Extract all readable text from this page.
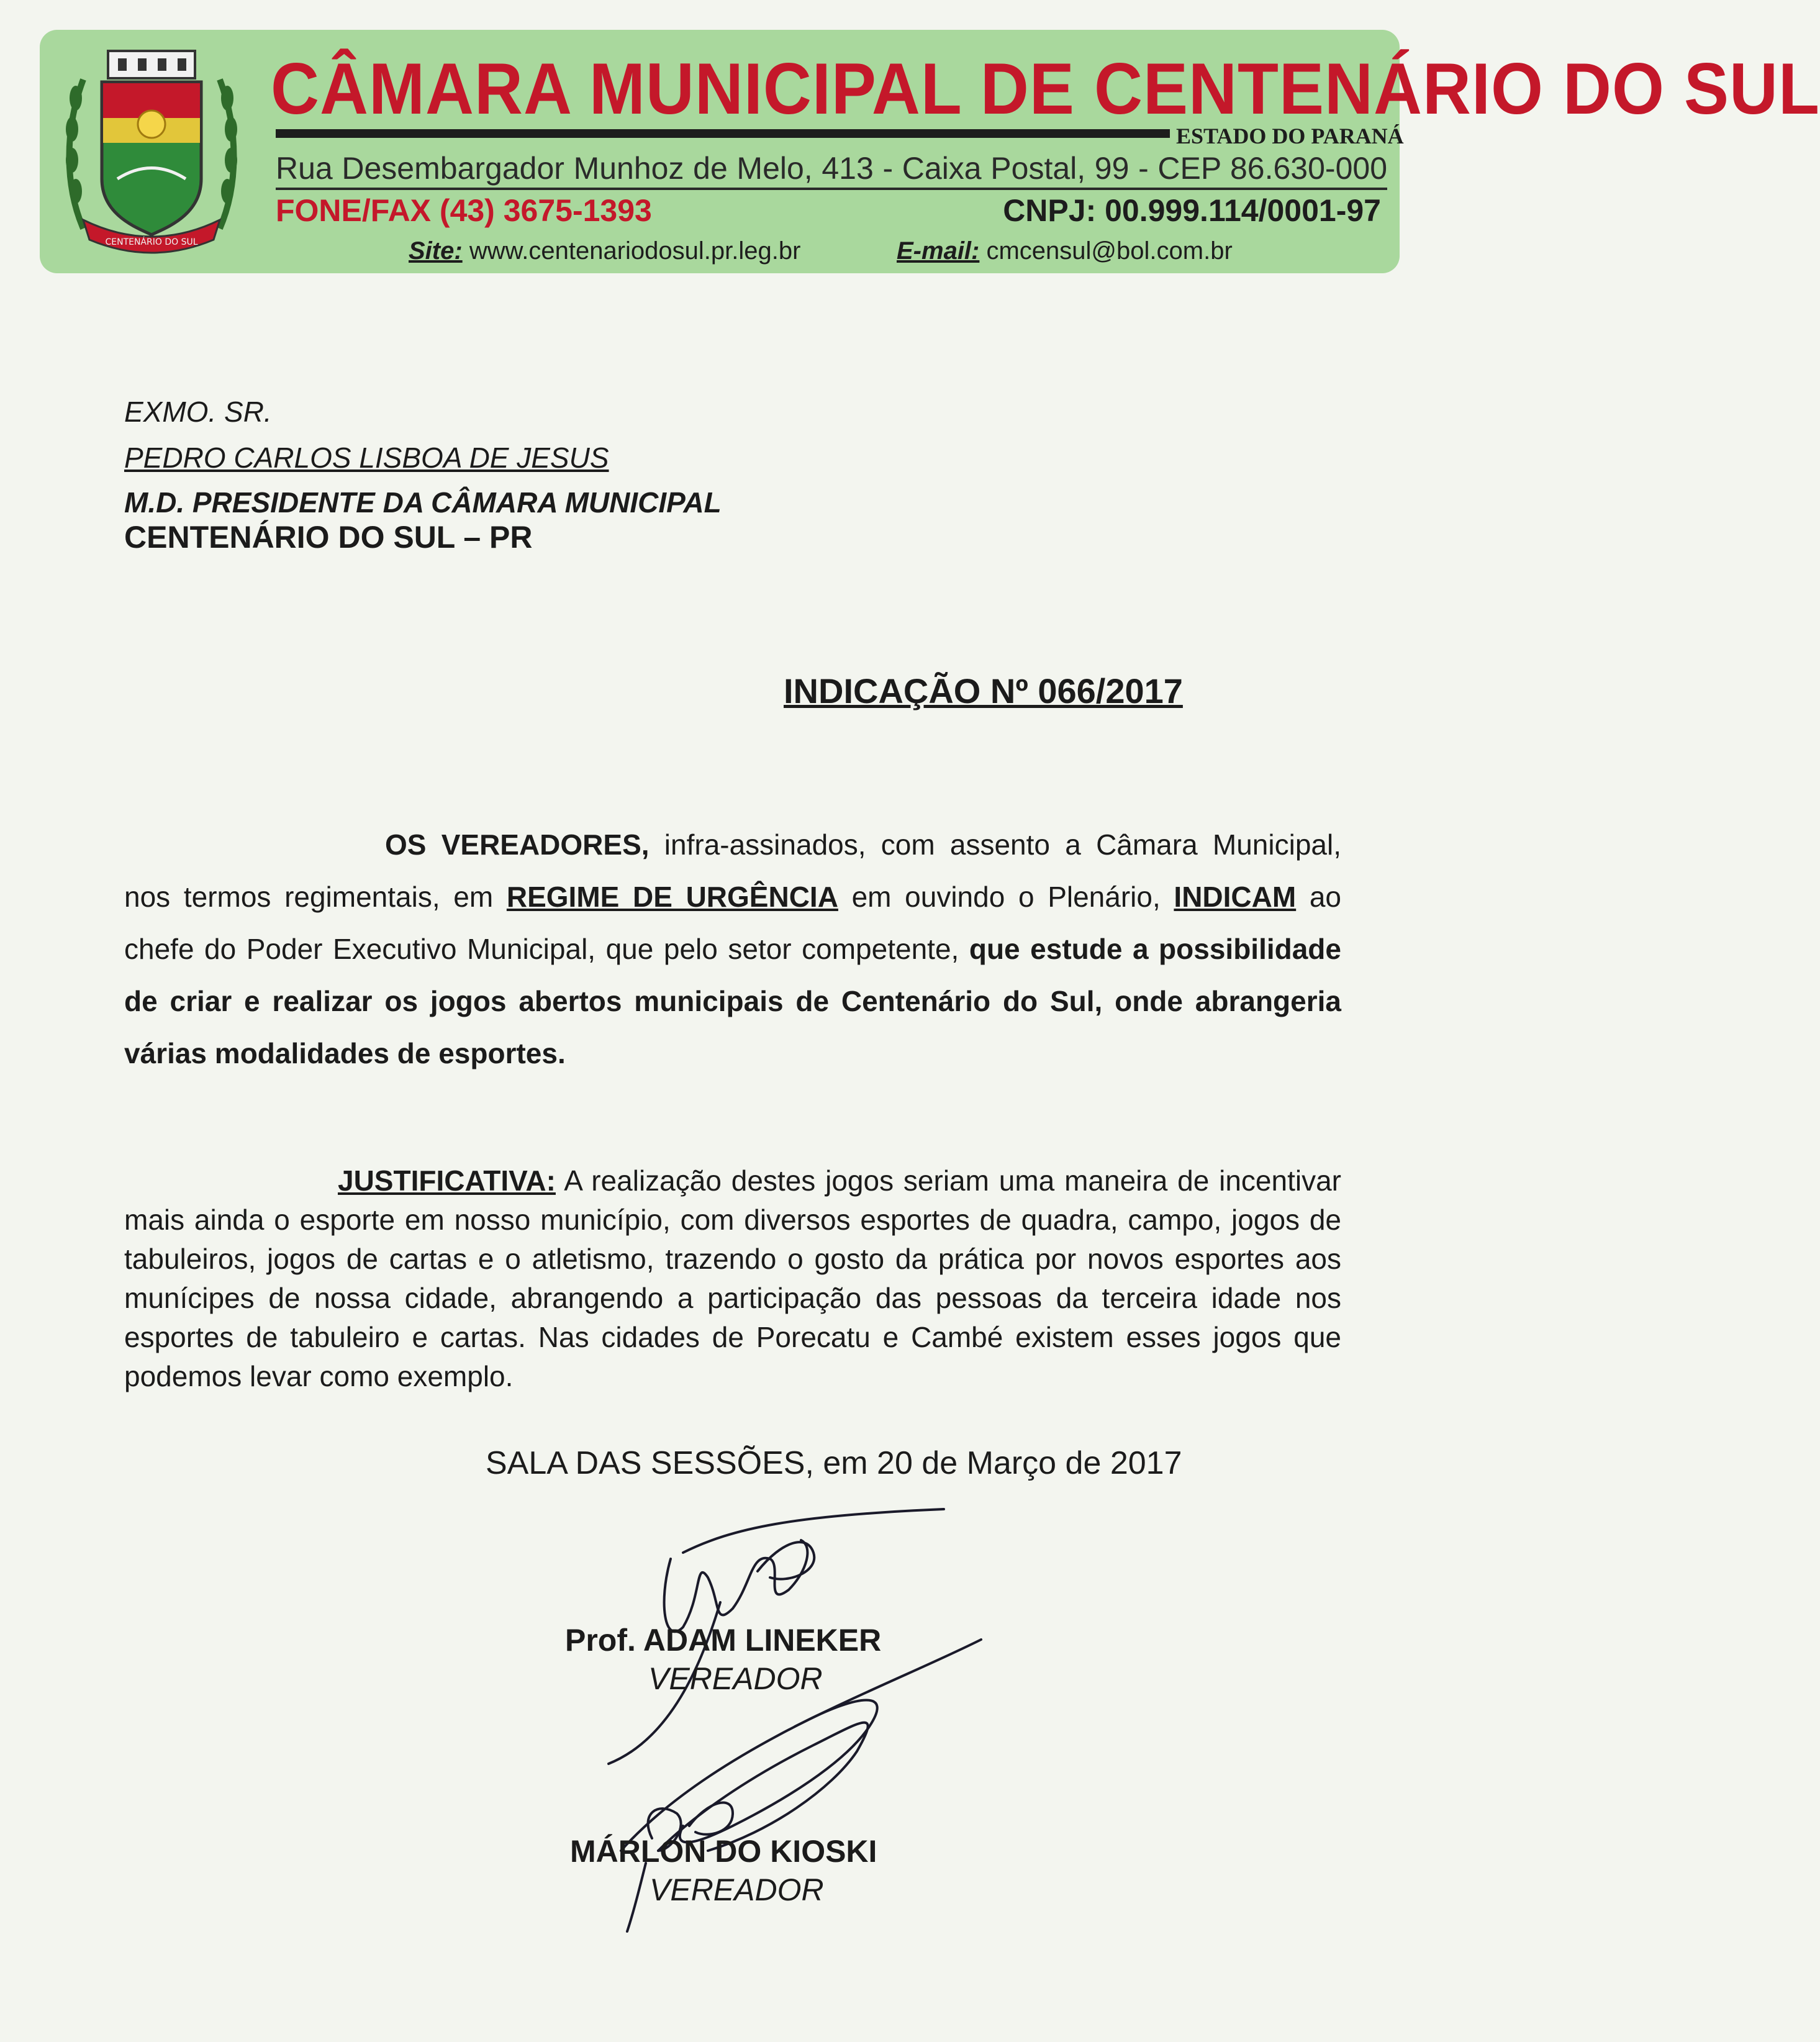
CENTENÁRIO DO SUL
CÂMARA MUNICIPAL DE CENTENÁRIO DO SUL
ESTADO DO PARANÁ
Rua Desembargador Munhoz de Melo, 413 - Caixa Postal, 99 - CEP 86.630-000
FONE/FAX (43) 3675-1393	CNPJ: 00.999.114/0001-97
Site: www.centenariodosul.pr.leg.br	E-mail: cmcensul@bol.com.br
EXMO. SR.
PEDRO CARLOS LISBOA DE JESUS
M.D. PRESIDENTE DA CÂMARA MUNICIPAL
CENTENÁRIO DO SUL – PR
INDICAÇÃO Nº 066/2017
OS VEREADORES, infra-assinados, com assento a Câmara Municipal, nos termos regimentais, em REGIME DE URGÊNCIA em ouvindo o Plenário, INDICAM ao chefe do Poder Executivo Municipal, que pelo setor competente, que estude a possibilidade de criar e realizar os jogos abertos municipais de Centenário do Sul, onde abrangeria várias modalidades de esportes.
JUSTIFICATIVA: A realização destes jogos seriam uma maneira de incentivar mais ainda o esporte em nosso município, com diversos esportes de quadra, campo, jogos de tabuleiros, jogos de cartas e o atletismo, trazendo o gosto da prática por novos esportes aos munícipes de nossa cidade, abrangendo a participação das pessoas da terceira idade nos esportes de tabuleiro e cartas. Nas cidades de Porecatu e Cambé existem esses jogos que podemos levar como exemplo.
SALA DAS SESSÕES, em 20 de Março de 2017
Prof. ADAM LINEKER
VEREADOR
MÁRLON DO KIOSKI
VEREADOR
